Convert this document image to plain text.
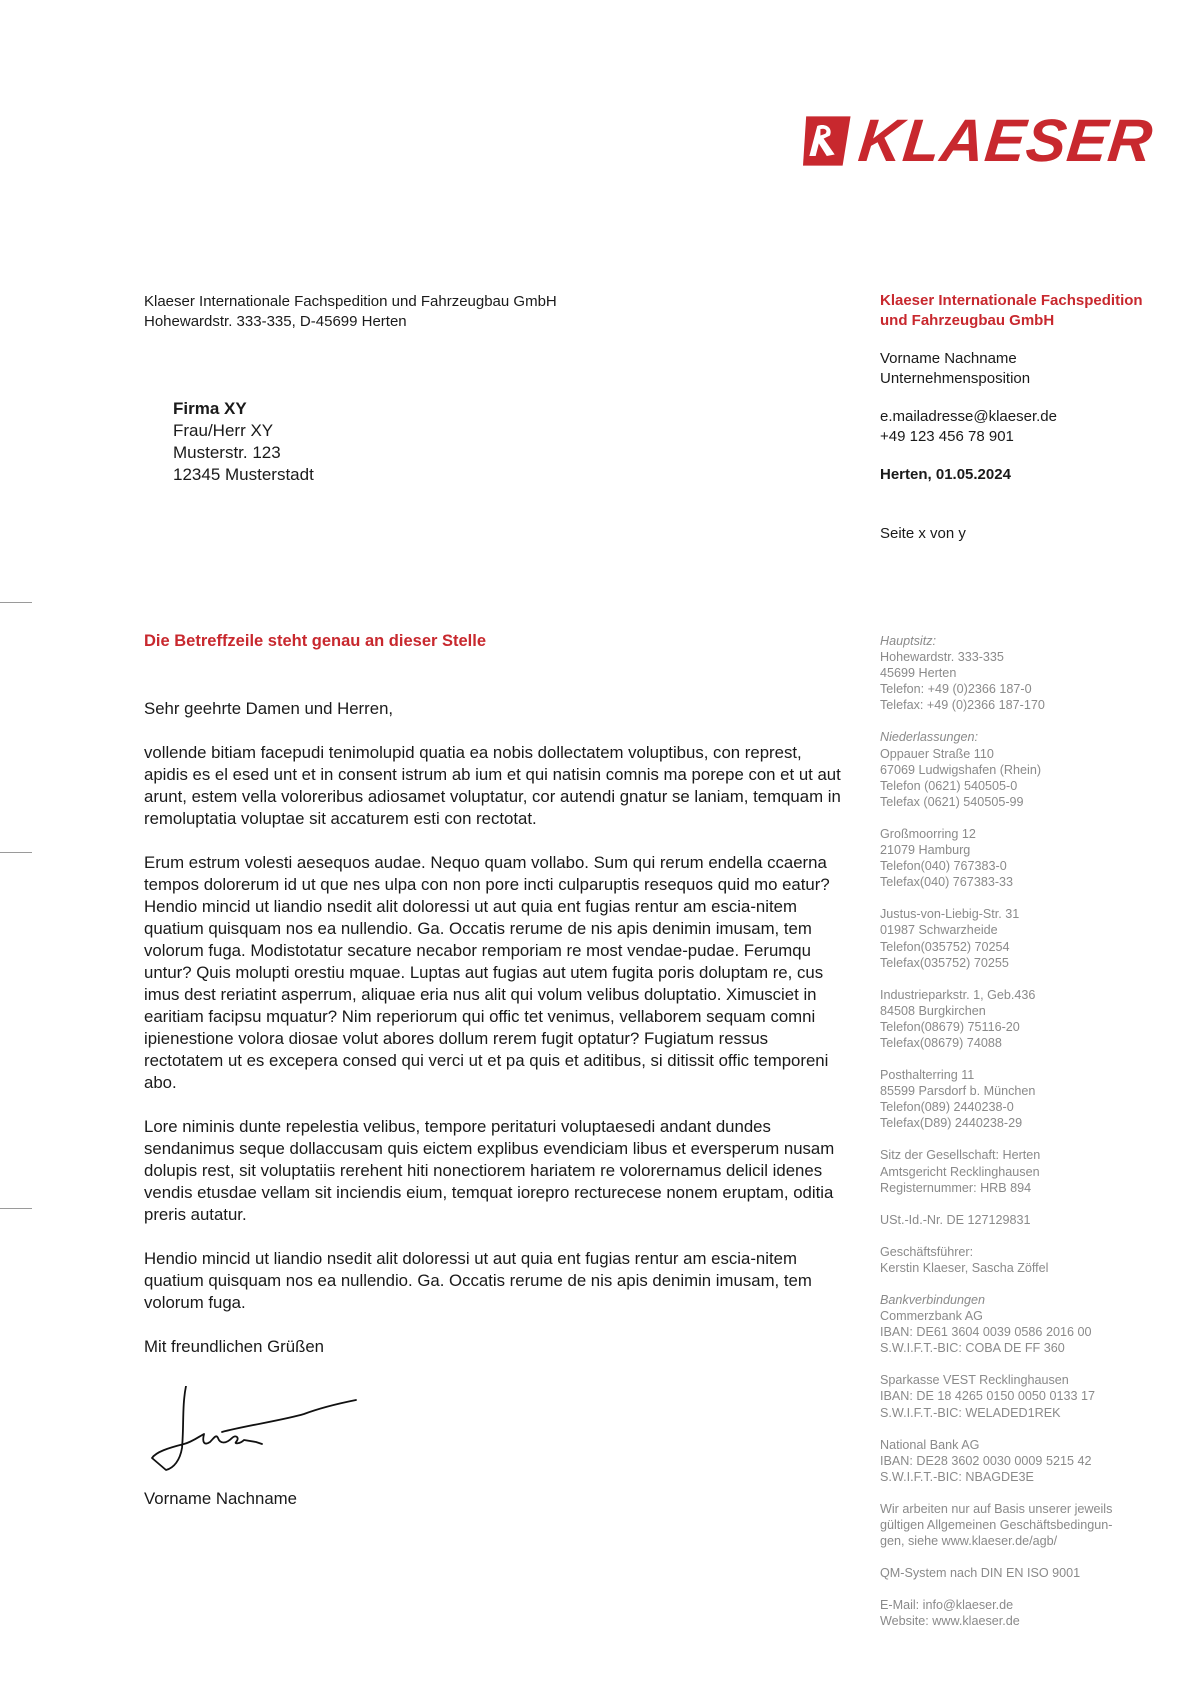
KLAESER
Klaeser Internationale Fachspedition und Fahrzeugbau GmbH
Hohewardstr. 333-335, D-45699 Herten
Firma XY
Frau/Herr XY
Musterstr. 123
12345 Musterstadt
Klaeser Internationale Fachspedition
und Fahrzeugbau GmbH
Vorname Nachname
Unternehmensposition
e.mailadresse@klaeser.de
+49 123 456 78 901
Herten, 01.05.2024
Seite x von y
Die Betreffzeile steht genau an dieser Stelle

Sehr geehrte Damen und Herren,

vollende bitiam facepudi tenimolupid quatia ea nobis dollectatem voluptibus, con represt, apidis es el esed unt et in consent istrum ab ium et qui natisin comnis ma porepe con et ut aut arunt, estem vella voloreribus adiosamet voluptatur, cor autendi gnatur se laniam, temquam in remoluptatia voluptae sit accaturem esti con rectotat.

Erum estrum volesti aesequos audae. Nequo quam vollabo. Sum qui rerum endella ccaerna tempos dolorerum id ut que nes ulpa con non pore incti culparuptis resequos quid mo eatur?

Hendio mincid ut liandio nsedit alit doloressi ut aut quia ent fugias rentur am escia-nitem quatium quisquam nos ea nullendio. Ga. Occatis rerume de nis apis denimin imusam, tem volorum fuga. Modistotatur secature necabor remporiam re most vendae-pudae. Ferumqu untur? Quis molupti orestiu mquae. Luptas aut fugias aut utem fugita poris doluptam re, cus imus dest reriatint asperrum, aliquae eria nus alit qui volum velibus doluptatio. Ximusciet in earitiam facipsu mquatur? Nim reperiorum qui offic tet venimus, vellaborem sequam comni ipienestione volora diosae volut abores dollum rerem fugit optatur? Fugiatum ressus rectotatem ut es excepera consed qui verci ut et pa quis et aditibus, si ditissit offic temporeni abo.

Lore niminis dunte repelestia velibus, tempore peritaturi voluptaesedi andant dundes sendanimus seque dollaccusam quis eictem explibus evendiciam libus et eversperum nusam dolupis rest, sit voluptatiis rerehent hiti nonectiorem hariatem re volorernamus delicil idenes vendis etusdae vellam sit inciendis eium, temquat iorepro recturecese nonem eruptam, oditia preris autatur.

Hendio mincid ut liandio nsedit alit doloressi ut aut quia ent fugias rentur am escia-nitem quatium quisquam nos ea nullendio. Ga. Occatis rerume de nis apis denimin imusam, tem volorum fuga.

Mit freundlichen Grüßen

Vorname Nachname
Hauptsitz:
Hohewardstr. 333-335
45699 Herten
Telefon: +49 (0)2366 187-0
Telefax: +49 (0)2366 187-170
Niederlassungen:
Oppauer Straße 110
67069 Ludwigshafen (Rhein)
Telefon (0621) 540505-0
Telefax (0621) 540505-99
Großmoorring 12
21079 Hamburg
Telefon(040) 767383-0
Telefax(040) 767383-33
Justus-von-Liebig-Str. 31
01987 Schwarzheide
Telefon(035752) 70254
Telefax(035752) 70255
Industrieparkstr. 1, Geb.436
84508 Burgkirchen
Telefon(08679) 75116-20
Telefax(08679) 74088
Posthalterring 11
85599 Parsdorf b. München
Telefon(089) 2440238-0
Telefax(D89) 2440238-29
Sitz der Gesellschaft: Herten
Amtsgericht Recklinghausen
Registernummer: HRB 894
USt.-Id.-Nr. DE 127129831
Geschäftsführer:
Kerstin Klaeser, Sascha Zöffel
Bankverbindungen
Commerzbank AG
IBAN: DE61 3604 0039 0586 2016 00
S.W.I.F.T.-BIC: COBA DE FF 360
Sparkasse VEST Recklinghausen
IBAN: DE 18 4265 0150 0050 0133 17
S.W.I.F.T.-BIC: WELADED1REK
National Bank AG
IBAN: DE28 3602 0030 0009 5215 42
S.W.I.F.T.-BIC: NBAGDE3E
Wir arbeiten nur auf Basis unserer jeweils
gültigen Allgemeinen Geschäftsbedingun-
gen, siehe www.klaeser.de/agb/
QM-System nach DIN EN ISO 9001
E-Mail: info@klaeser.de
Website: www.klaeser.de
